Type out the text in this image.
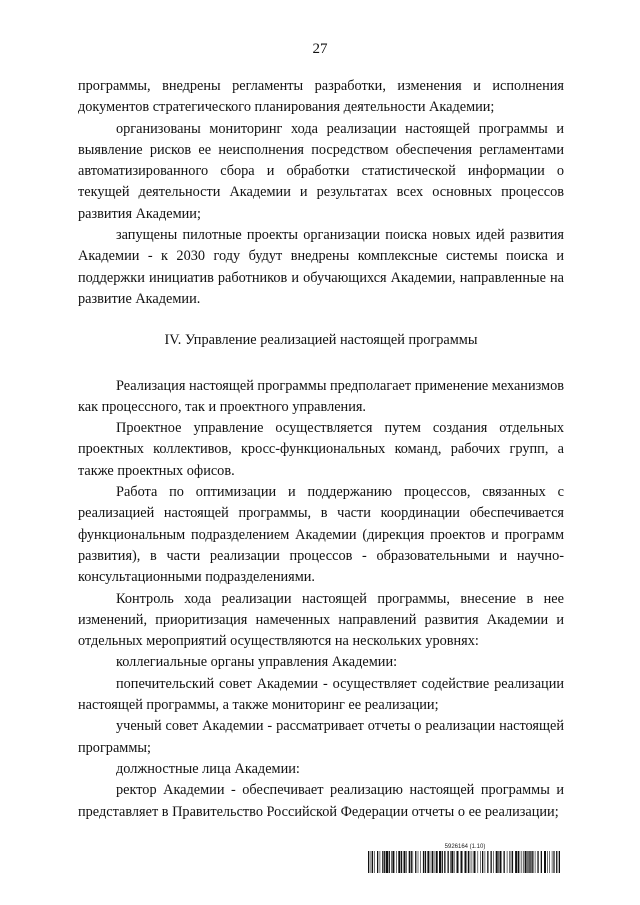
27

программы, внедрены регламенты разработки, изменения и исполнения документов стратегического планирования деятельности Академии;

организованы мониторинг хода реализации настоящей программы и выявление рисков ее неисполнения посредством обеспечения регламентами автоматизированного сбора и обработки статистической информации о текущей деятельности Академии и результатах всех основных процессов развития Академии;

запущены пилотные проекты организации поиска новых идей развития Академии - к 2030 году будут внедрены комплексные системы поиска и поддержки инициатив работников и обучающихся Академии, направленные на развитие Академии.

IV. Управление реализацией настоящей программы

Реализация настоящей программы предполагает применение механизмов как процессного, так и проектного управления.

Проектное управление осуществляется путем создания отдельных проектных коллективов, кросс-функциональных команд, рабочих групп, а также проектных офисов.

Работа по оптимизации и поддержанию процессов, связанных с реализацией настоящей программы, в части координации обеспечивается функциональным подразделением Академии (дирекция проектов и программ развития), в части реализации процессов - образовательными и научно-консультационными подразделениями.

Контроль хода реализации настоящей программы, внесение в нее изменений, приоритизация намеченных направлений развития Академии и отдельных мероприятий осуществляются на нескольких уровнях:

коллегиальные органы управления Академии:

попечительский совет Академии - осуществляет содействие реализации настоящей программы, а также мониторинг ее реализации;

ученый совет Академии - рассматривает отчеты о реализации настоящей программы;

должностные лица Академии:

ректор Академии - обеспечивает реализацию настоящей программы и представляет в Правительство Российской Федерации отчеты о ее реализации;

5926164 (1.10)
